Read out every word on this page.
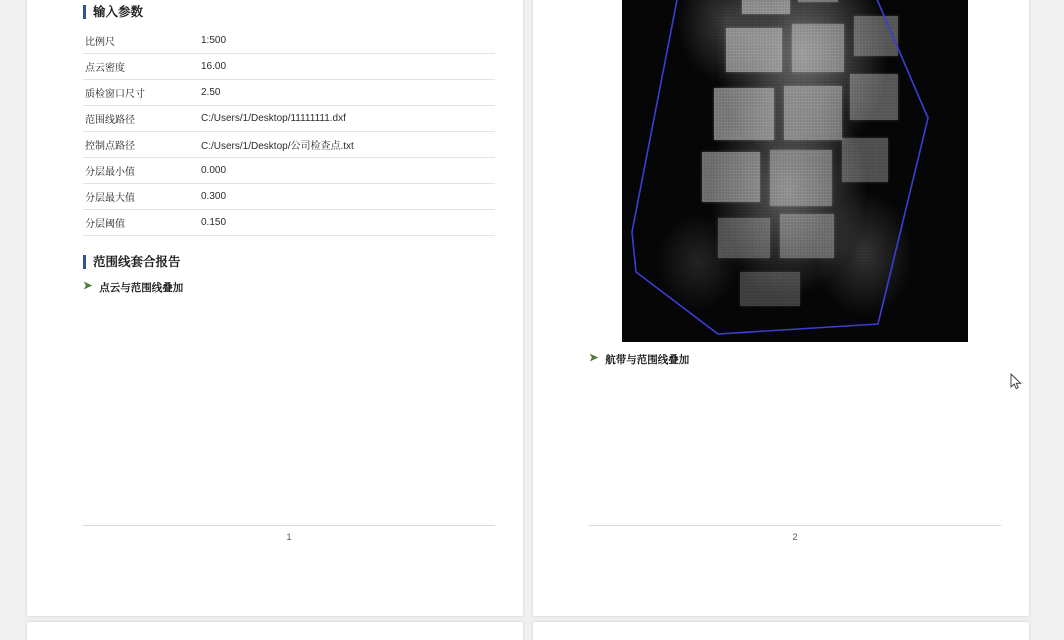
输入参数
比例尺	1:500
点云密度	16.00
质检窗口尺寸	2.50
范围线路径	C:/Users/1/Desktop/11111111.dxf
控制点路径	C:/Users/1/Desktop/公司检查点.txt
分层最小值	0.000
分层最大值	0.300
分层阈值	0.150
范围线套合报告
➤ 点云与范围线叠加
1
➤ 航带与范围线叠加
2
